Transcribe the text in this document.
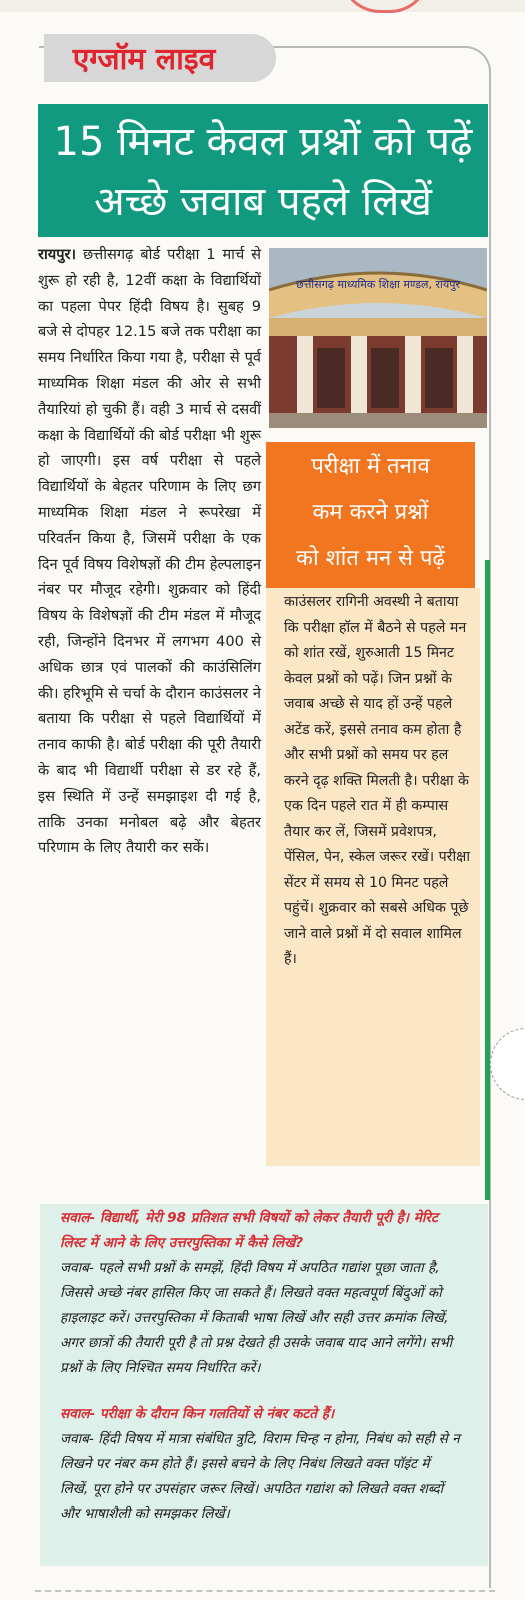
एग्जॉम लाइव
15 मिनट केवल प्रश्नों को पढ़ें
अच्छे जवाब पहले लिखें
रायपुर। छत्तीसगढ़ बोर्ड परीक्षा 1 मार्च से शुरू हो रही है, 12वीं कक्षा के विद्यार्थियों का पहला पेपर हिंदी विषय है। सुबह 9 बजे से दोपहर 12.15 बजे तक परीक्षा का समय निर्धारित किया गया है, परीक्षा से पूर्व माध्यमिक शिक्षा मंडल की ओर से सभी तैयारियां हो चुकी हैं। वही 3 मार्च से दसवीं कक्षा के विद्यार्थियों की बोर्ड परीक्षा भी शुरू हो जाएगी। इस वर्ष परीक्षा से पहले विद्यार्थियों के बेहतर परिणाम के लिए छग माध्यमिक शिक्षा मंडल ने रूपरेखा में परिवर्तन किया है, जिसमें परीक्षा के एक दिन पूर्व विषय विशेषज्ञों की टीम हेल्पलाइन नंबर पर मौजूद रहेगी। शुक्रवार को हिंदी विषय के विशेषज्ञों की टीम मंडल में मौजूद रही, जिन्होंने दिनभर में लगभग 400 से अधिक छात्र एवं पालकों की काउंसिलिंग की। हरिभूमि से चर्चा के दौरान काउंसलर ने बताया कि परीक्षा से पहले विद्यार्थियों में तनाव काफी है। बोर्ड परीक्षा की पूरी तैयारी के बाद भी विद्यार्थी परीक्षा से डर रहे हैं, इस स्थिति में उन्हें समझाइश दी गई है, ताकि उनका मनोबल बढ़े और बेहतर परिणाम के लिए तैयारी कर सकें।
छत्तीसगढ़ माध्यमिक शिक्षा मण्डल, रायपुर
परीक्षा में तनाव
कम करने प्रश्नों
को शांत मन से पढ़ें
काउंसलर रागिनी अवस्थी ने बताया कि परीक्षा हॉल में बैठने से पहले मन को शांत रखें, शुरुआती 15 मिनट केवल प्रश्नों को पढ़ें। जिन प्रश्नों के जवाब अच्छे से याद हों उन्हें पहले अटेंड करें, इससे तनाव कम होता है और सभी प्रश्नों को समय पर हल करने दृढ़ शक्ति मिलती है। परीक्षा के एक दिन पहले रात में ही कम्पास तैयार कर लें, जिसमें प्रवेशपत्र, पेंसिल, पेन, स्केल जरूर रखें। परीक्षा सेंटर में समय से 10 मिनट पहले पहुंचें। शुक्रवार को सबसे अधिक पूछे जाने वाले प्रश्नों में दो सवाल शामिल हैं।

सवाल- विद्यार्थी, मेरी 98 प्रतिशत सभी विषयों को लेकर तैयारी पूरी है। मेरिट लिस्ट में आने के लिए उत्तरपुस्तिका में कैसे लिखें?

जवाब- पहले सभी प्रश्नों के समझें, हिंदी विषय में अपठित गद्यांश पूछा जाता है, जिससे अच्छे नंबर हासिल किए जा सकते हैं। लिखते वक्त महत्वपूर्ण बिंदुओं को हाइलाइट करें। उत्तरपुस्तिका में किताबी भाषा लिखें और सही उत्तर क्रमांक लिखें, अगर छात्रों की तैयारी पूरी है तो प्रश्न देखते ही उसके जवाब याद आने लगेंगे। सभी प्रश्नों के लिए निश्चित समय निर्धारित करें।

सवाल- परीक्षा के दौरान किन गलतियों से नंबर कटते हैं।

जवाब- हिंदी विषय में मात्रा संबंधित त्रुटि, विराम चिन्ह न होना, निबंध को सही से न लिखने पर नंबर कम होते हैं। इससे बचने के लिए निबंध लिखते वक्त पॉइंट में लिखें, पूरा होने पर उपसंहार जरूर लिखें। अपठित गद्यांश को लिखते वक्त शब्दों और भाषाशैली को समझकर लिखें।
